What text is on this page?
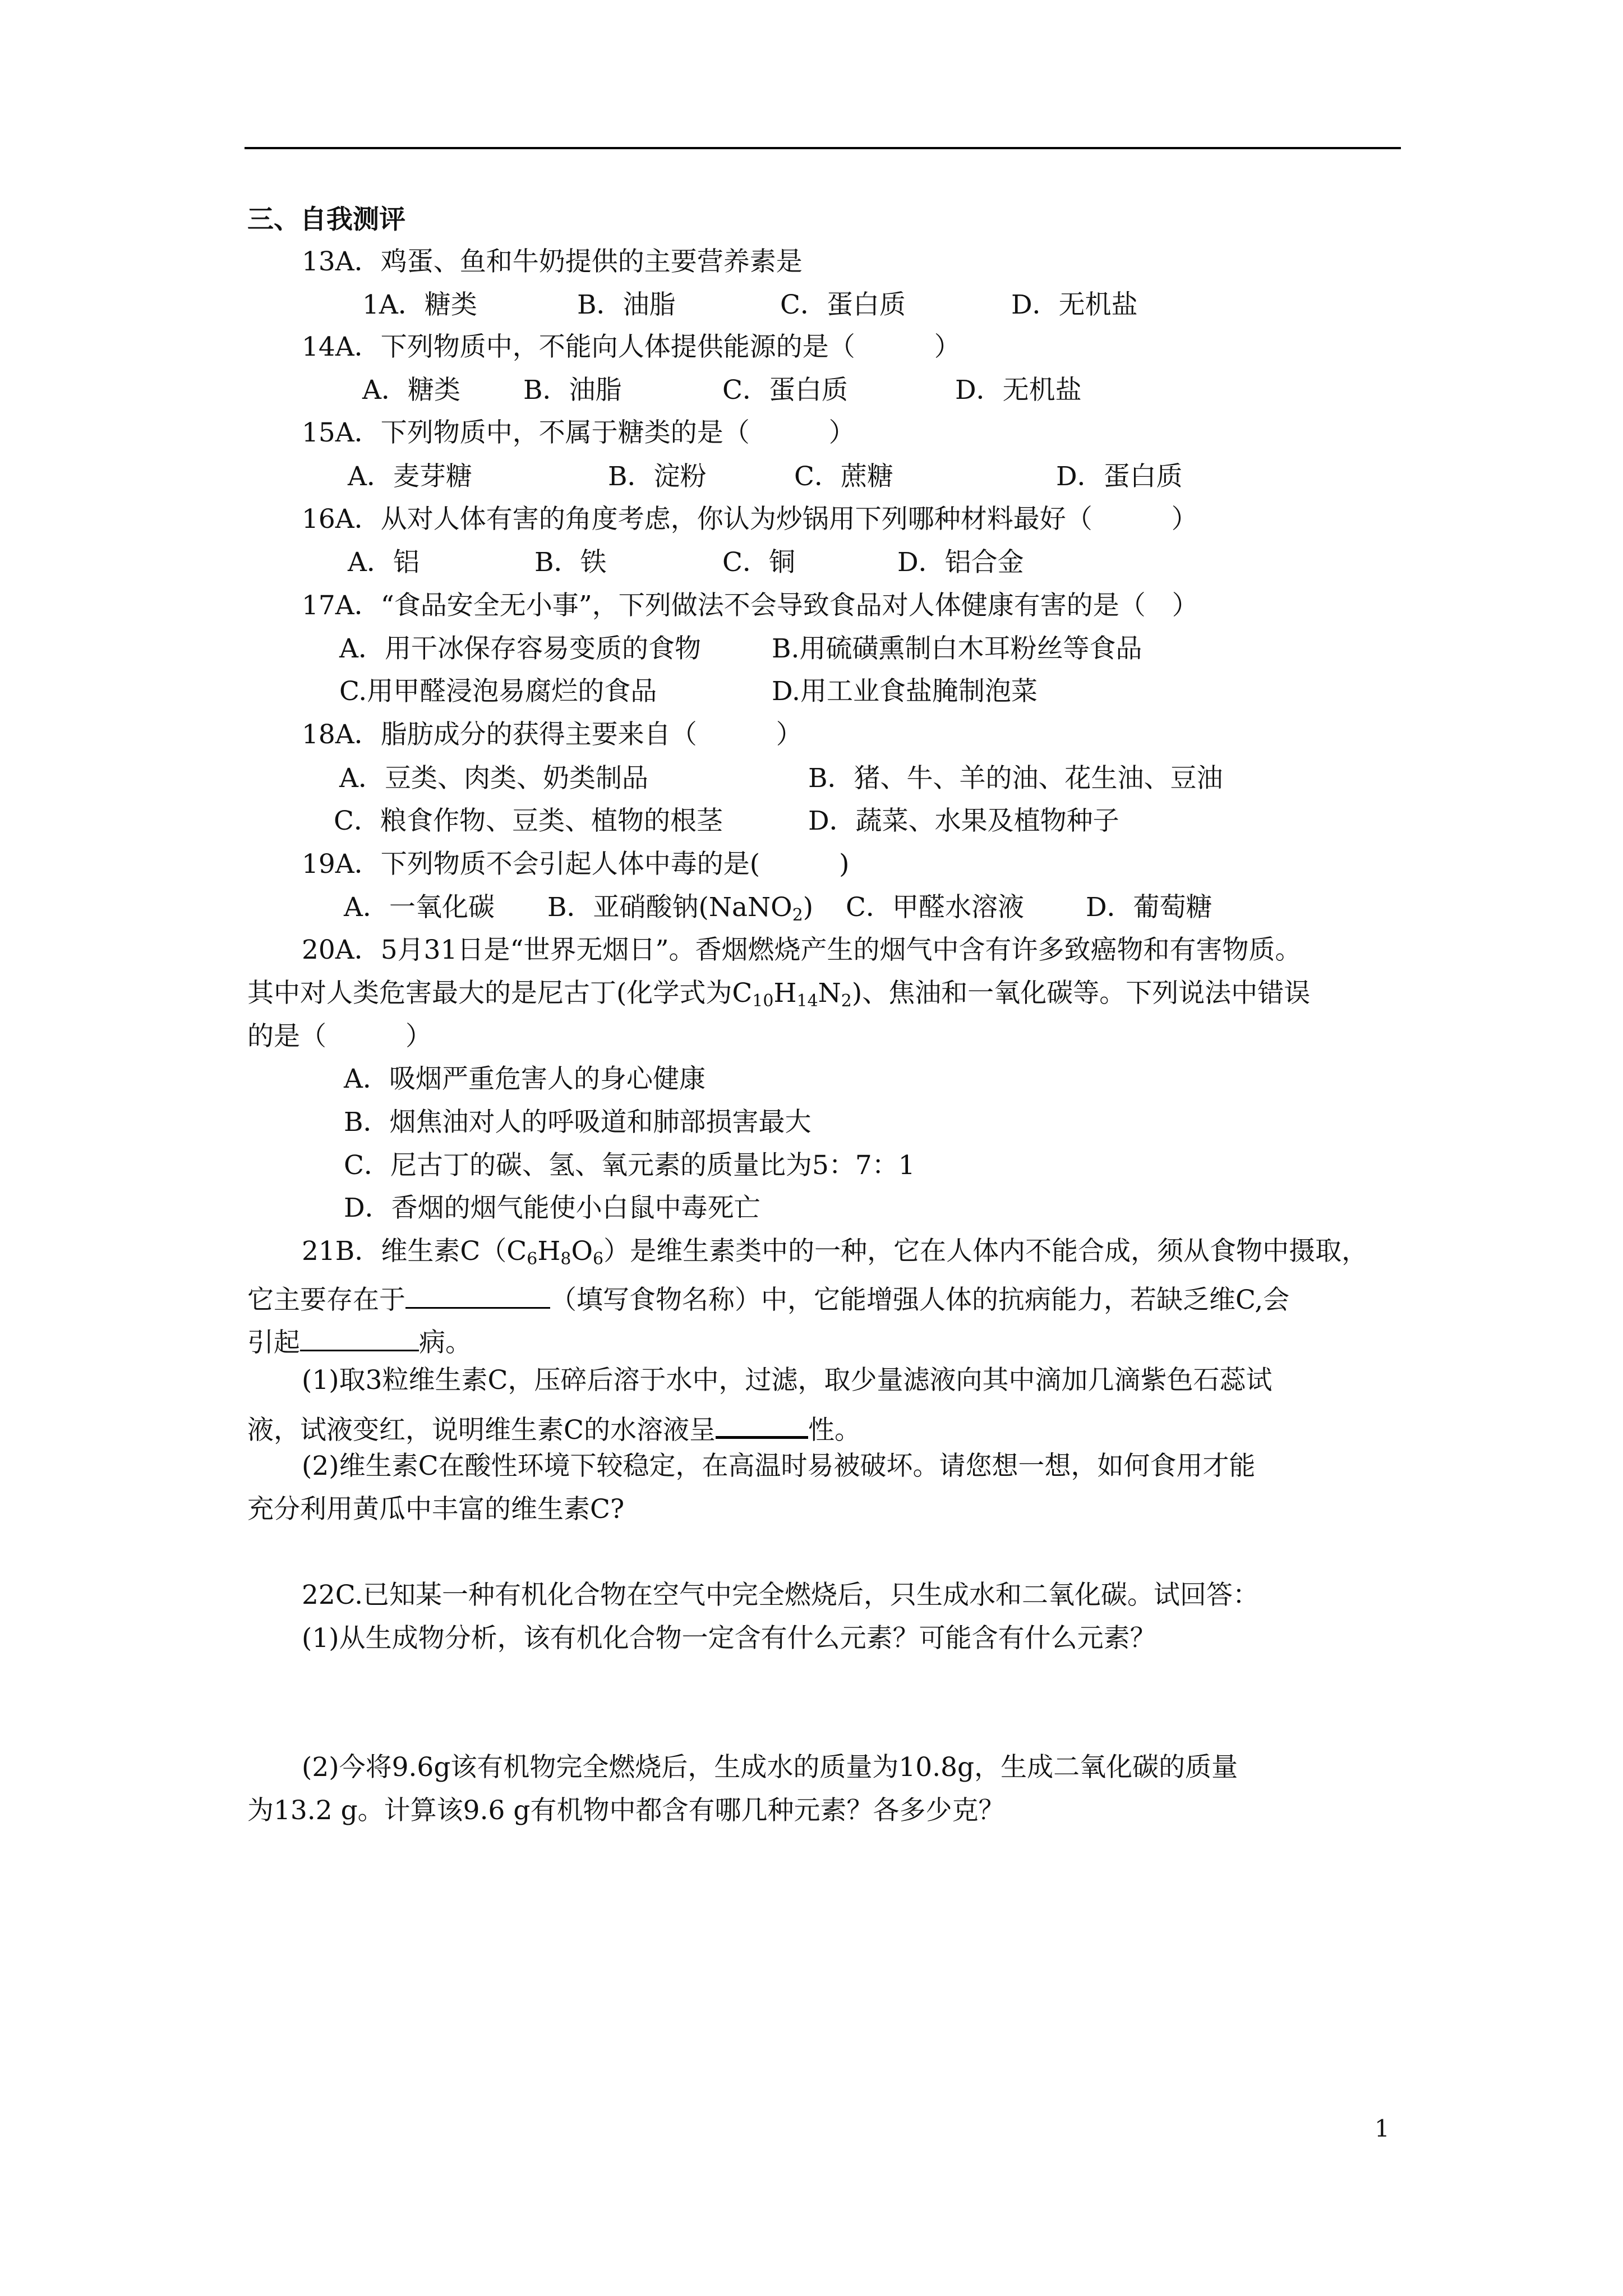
三、自我测评
13A．鸡蛋、鱼和牛奶提供的主要营养素是
1A．糖类	B．油脂	C．蛋白质	D．无机盐
14A．下列物质中，不能向人体提供能源的是（　　　）
A．糖类 B．油脂	C．蛋白质	D．无机盐
15A．下列物质中，不属于糖类的是（　　　）
A．麦芽糖	B．淀粉	C．蔗糖	D．蛋白质
16A．从对人体有害的角度考虑，你认为炒锅用下列哪种材料最好（　　　）
A．铝	B．铁	C．铜	D．铝合金
17A．“食品安全无小事”，下列做法不会导致食品对人体健康有害的是（　）
A．用干冰保存容易变质的食物	B.用硫磺熏制白木耳粉丝等食品
C.用甲醛浸泡易腐烂的食品	D.用工业食盐腌制泡菜
18A．脂肪成分的获得主要来自（　　　）
A．豆类、肉类、奶类制品	B．猪、牛、羊的油、花生油、豆油
C．粮食作物、豆类、植物的根茎	D．蔬菜、水果及植物种子
19A．下列物质不会引起人体中毒的是(　　　)
A．一氧化碳 B．亚硝酸钠(NaNO$_2$) C．甲醛水溶液 D．葡萄糖
20A．5月31日是“世界无烟日”。香烟燃烧产生的烟气中含有许多致癌物和有害物质。
其中对人类危害最大的是尼古丁(化学式为$C_{10}H_{14}N_2$)、焦油和一氧化碳等。下列说法中错误
的是（　　　）
A．吸烟严重危害人的身心健康
B．烟焦油对人的呼吸道和肺部损害最大
C．尼古丁的碳、氢、氧元素的质量比为5：7：1
D．香烟的烟气能使小白鼠中毒死亡
21B．维生素$C(C_6H_8O_6)$是维生素类中的一种，它在人体内不能合成，须从食物中摄取，
它主要存在于	（填写食物名称）中，它能增强人体的抗病能力，若缺乏维C,会
引起	病。
(1)取3粒维生素C，压碎后溶于水中，过滤，取少量滤液向其中滴加几滴紫色石蕊试
液，试液变红，说明维生素C的水溶液呈	性。
(2)维生素C在酸性环境下较稳定，在高温时易被破坏。请您想一想，如何食用才能
充分利用黄瓜中丰富的维生素C?
22C.已知某一种有机化合物在空气中完全燃烧后，只生成水和二氧化碳。试回答：
(1)从生成物分析，该有机化合物一定含有什么元素？可能含有什么元素？
(2)今将9.6g该有机物完全燃烧后，生成水的质量为10.8g，生成二氧化碳的质量
为13.2 g。计算该9.6 g有机物中都含有哪几种元素？各多少克？
1
